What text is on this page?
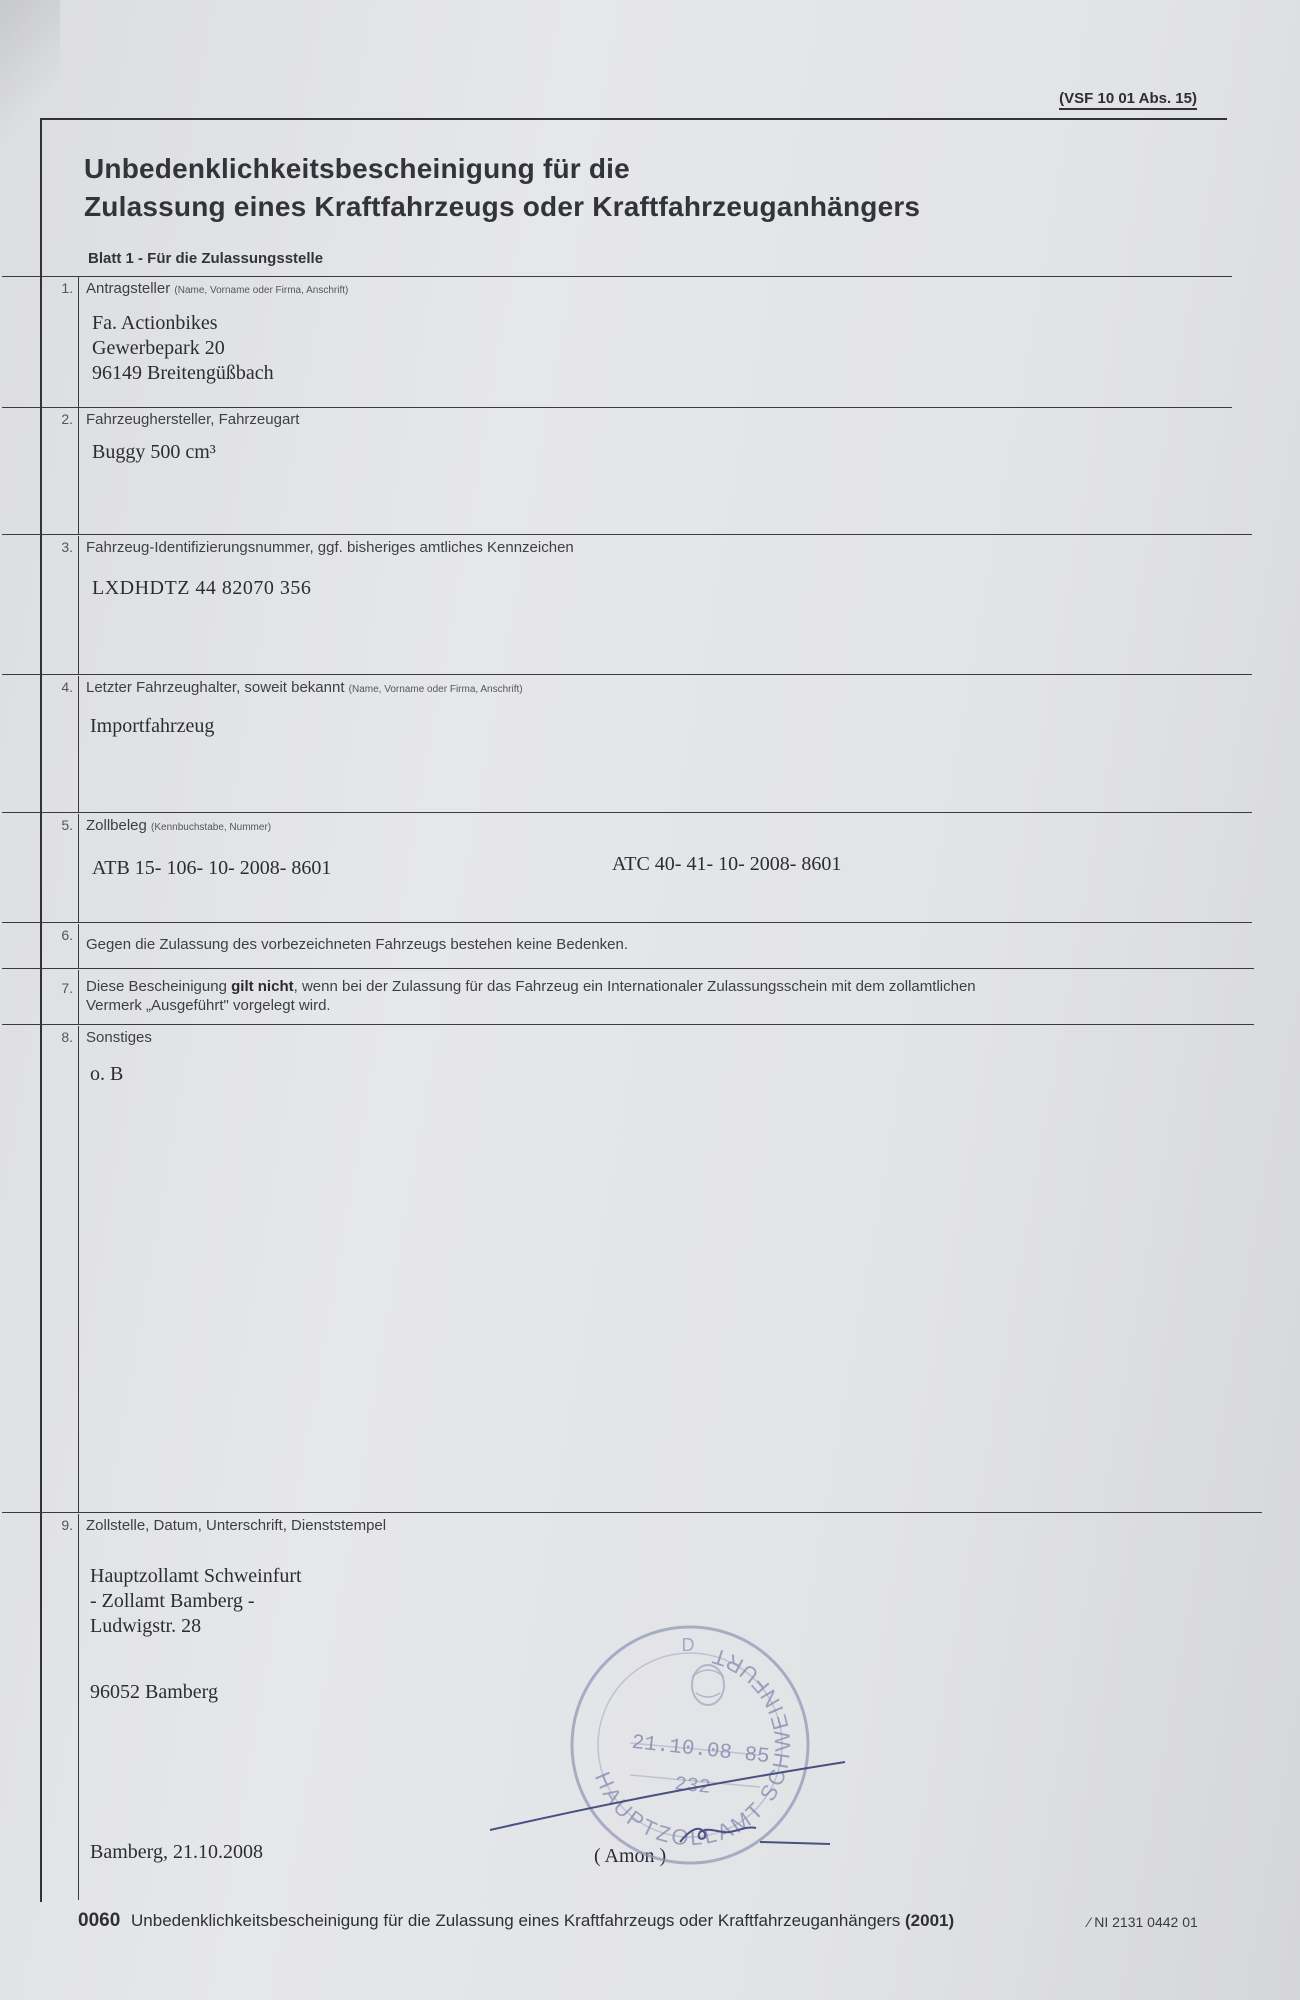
(VSF 10 01 Abs. 15)
Unbedenklichkeitsbescheinigung für die
Zulassung eines Kraftfahrzeugs oder Kraftfahrzeuganhängers
Blatt 1 - Für die Zulassungsstelle
1. Antragsteller (Name, Vorname oder Firma, Anschrift)
Fa. Actionbikes
Gewerbepark 20
96149 Breitengüßbach
2. Fahrzeughersteller, Fahrzeugart
Buggy 500 cm³
3. Fahrzeug-Identifizierungsnummer, ggf. bisheriges amtliches Kennzeichen
LXDHDTZ 44 82070 356
4. Letzter Fahrzeughalter, soweit bekannt (Name, Vorname oder Firma, Anschrift)
Importfahrzeug
5. Zollbeleg (Kennbuchstabe, Nummer)
ATB 15- 106- 10- 2008- 8601	ATC 40- 41- 10- 2008- 8601
6.
Gegen die Zulassung des vorbezeichneten Fahrzeugs bestehen keine Bedenken.
7. Diese Bescheinigung gilt nicht, wenn bei der Zulassung für das Fahrzeug ein Internationaler Zulassungsschein mit dem zollamtlichen
Vermerk „Ausgeführt" vorgelegt wird.
8. Sonstiges
o. B
9. Zollstelle, Datum, Unterschrift, Dienststempel
Hauptzollamt Schweinfurt
- Zollamt Bamberg -
Ludwigstr. 28
96052 Bamberg
Bamberg, 21.10.2008	( Amon )
HAUPTZOLLAMT SCHWEINFURT
D
21.10.08 85
232
0060 Unbedenklichkeitsbescheinigung für die Zulassung eines Kraftfahrzeugs oder Kraftfahrzeuganhängers (2001)	⁄ NI 2131 0442 01
